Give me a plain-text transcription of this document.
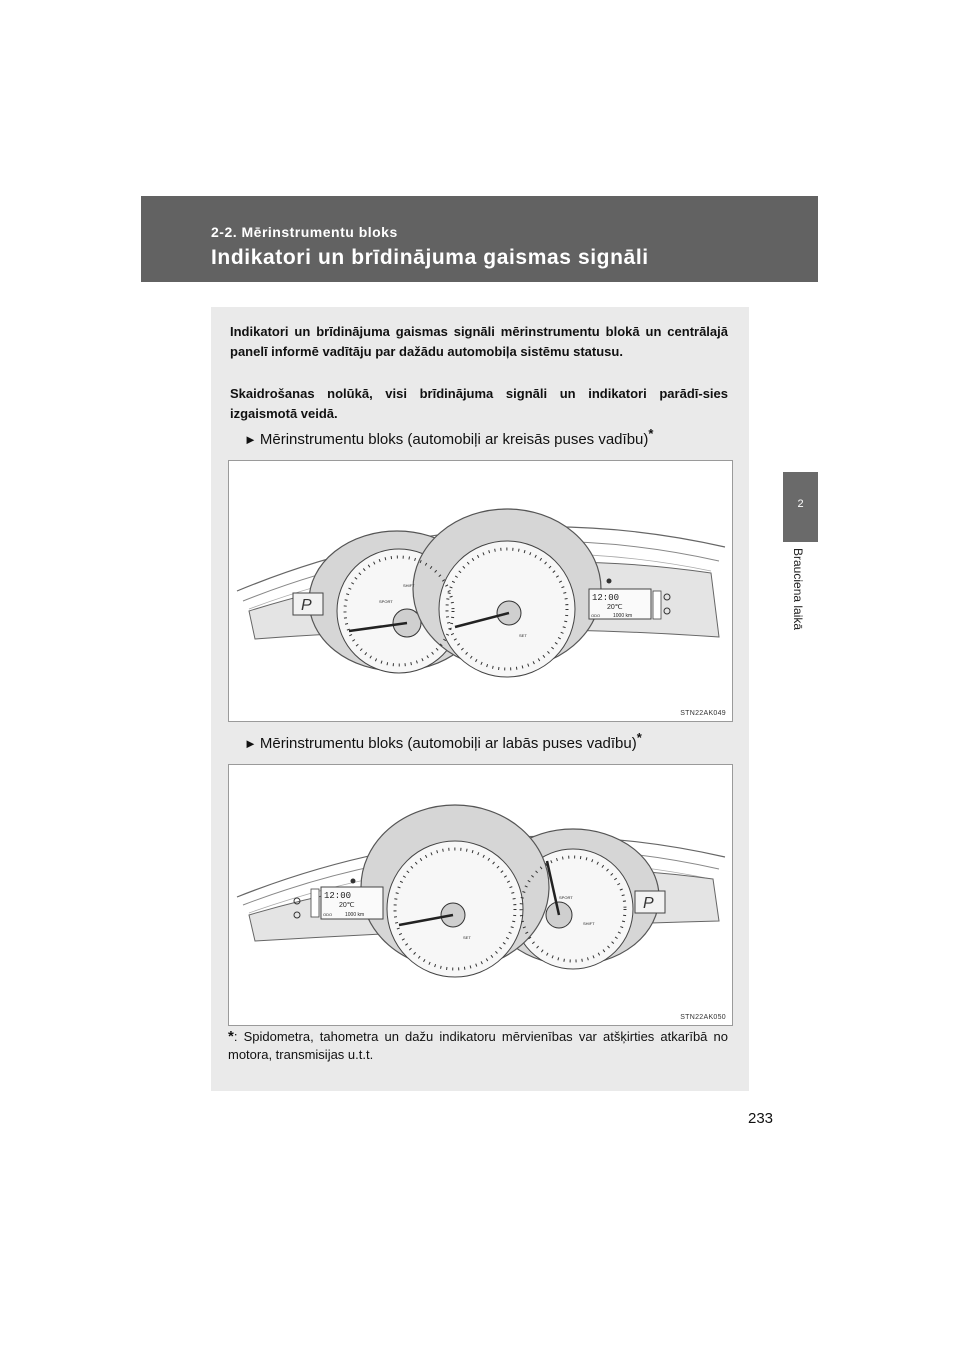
2-2. Mērinstrumentu bloks
Indikatori un brīdinājuma gaismas signāli
2
Brauciena laikā
Indikatori un brīdinājuma gaismas signāli mērinstrumentu blokā un centrālajā panelī informē vadītāju par dažādu automobiļa sistēmu statusu.
Skaidrošanas nolūkā, visi brīdinājuma signāli un indikatori parādī-sies izgaismotā veidā.
► Mērinstrumentu bloks (automobiļi ar kreisās puses vadību)*
P	12:00
20℃
ODO	1000 km
SHIFT
SPORT
SET
STN22AK049
► Mērinstrumentu bloks (automobiļi ar labās puses vadību)*
P
12:00
20℃
ODO	1000 km
SHIFT
SPORT
SET
STN22AK050
*: Spidometra, tahometra un dažu indikatoru mērvienības var atšķirties atkarībā no motora, transmisijas u.t.t.
233
